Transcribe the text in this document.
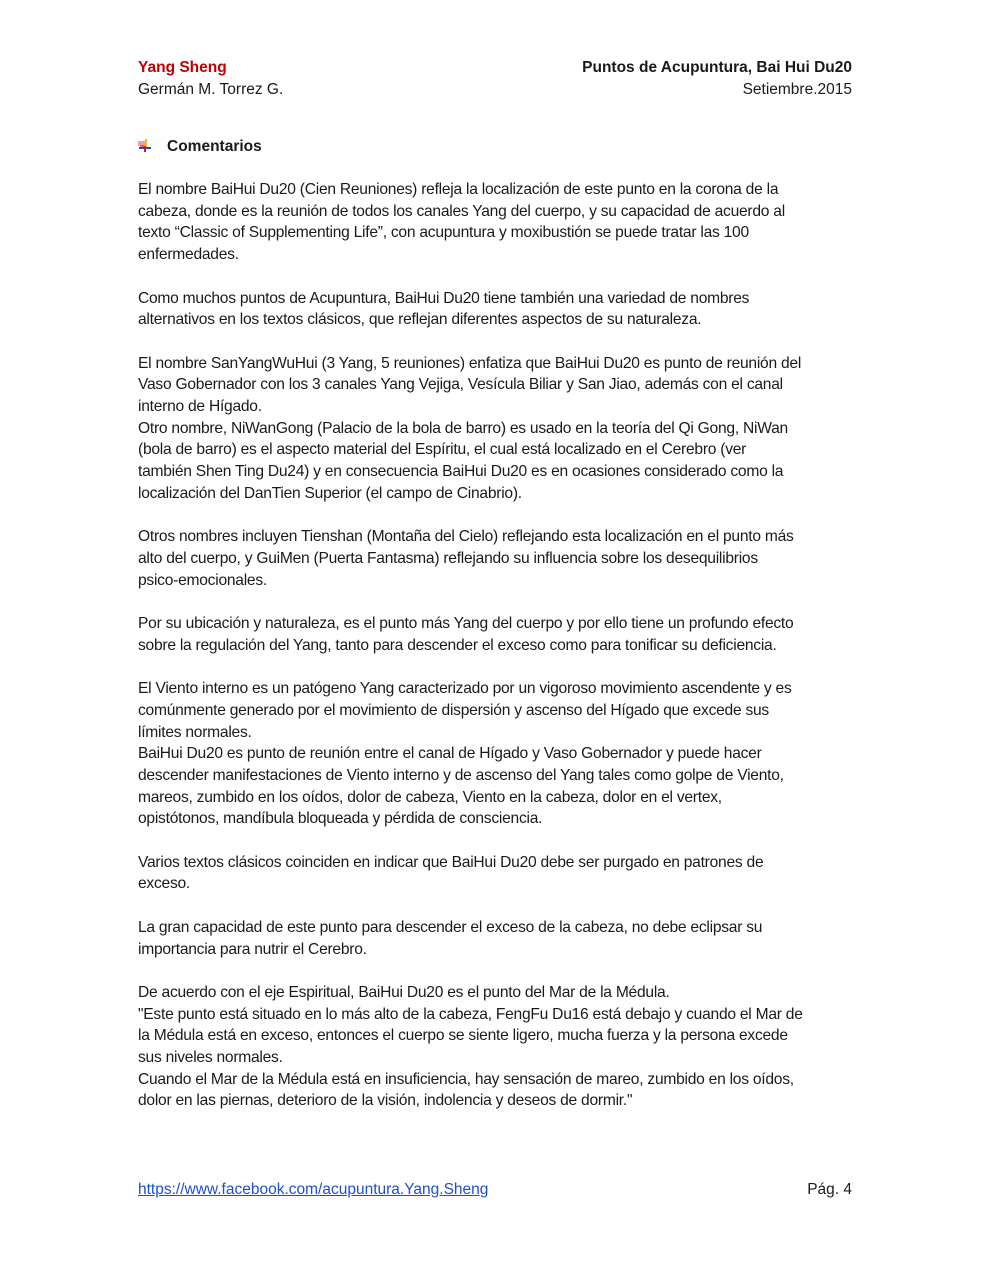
Yang Sheng	Puntos de Acupuntura, Bai Hui Du20
Germán M. Torrez G.	Setiembre.2015
Comentarios

El nombre BaiHui Du20 (Cien Reuniones) refleja la localización de este punto en la corona de la
cabeza, donde es la reunión de todos los canales Yang del cuerpo, y su capacidad de acuerdo al
texto “Classic of Supplementing Life”, con acupuntura y moxibustión se puede tratar las 100
enfermedades.

Como muchos puntos de Acupuntura, BaiHui Du20 tiene también una variedad de nombres
alternativos en los textos clásicos, que reflejan diferentes aspectos de su naturaleza.

El nombre SanYangWuHui (3 Yang, 5 reuniones) enfatiza que BaiHui Du20 es punto de reunión del
Vaso Gobernador con los 3 canales Yang Vejiga, Vesícula Biliar y San Jiao, además con el canal
interno de Hígado.
Otro nombre, NiWanGong (Palacio de la bola de barro) es usado en la teoría del Qi Gong, NiWan
(bola de barro) es el aspecto material del Espíritu, el cual está localizado en el Cerebro (ver
también Shen Ting Du24) y en consecuencia BaiHui Du20 es en ocasiones considerado como la
localización del DanTien Superior (el campo de Cinabrio).

Otros nombres incluyen Tienshan (Montaña del Cielo) reflejando esta localización en el punto más
alto del cuerpo, y GuiMen (Puerta Fantasma) reflejando su influencia sobre los desequilibrios
psico-emocionales.

Por su ubicación y naturaleza, es el punto más Yang del cuerpo y por ello tiene un profundo efecto
sobre la regulación del Yang, tanto para descender el exceso como para tonificar su deficiencia.

El Viento interno es un patógeno Yang caracterizado por un vigoroso movimiento ascendente y es
comúnmente generado por el movimiento de dispersión y ascenso del Hígado que excede sus
límites normales.
BaiHui Du20 es punto de reunión entre el canal de Hígado y Vaso Gobernador y puede hacer
descender manifestaciones de Viento interno y de ascenso del Yang tales como golpe de Viento,
mareos, zumbido en los oídos, dolor de cabeza, Viento en la cabeza, dolor en el vertex,
opistótonos, mandíbula bloqueada y pérdida de consciencia.

Varios textos clásicos coinciden en indicar que BaiHui Du20 debe ser purgado en patrones de
exceso.

La gran capacidad de este punto para descender el exceso de la cabeza, no debe eclipsar su
importancia para nutrir el Cerebro.

De acuerdo con el eje Espiritual, BaiHui Du20 es el punto del Mar de la Médula.
"Este punto está situado en lo más alto de la cabeza, FengFu Du16 está debajo y cuando el Mar de
la Médula está en exceso, entonces el cuerpo se siente ligero, mucha fuerza y la persona excede
sus niveles normales.
Cuando el Mar de la Médula está en insuficiencia, hay sensación de mareo, zumbido en los oídos,
dolor en las piernas, deterioro de la visión, indolencia y deseos de dormir."

https://www.facebook.com/acupuntura.Yang.Sheng	Pág. 4
